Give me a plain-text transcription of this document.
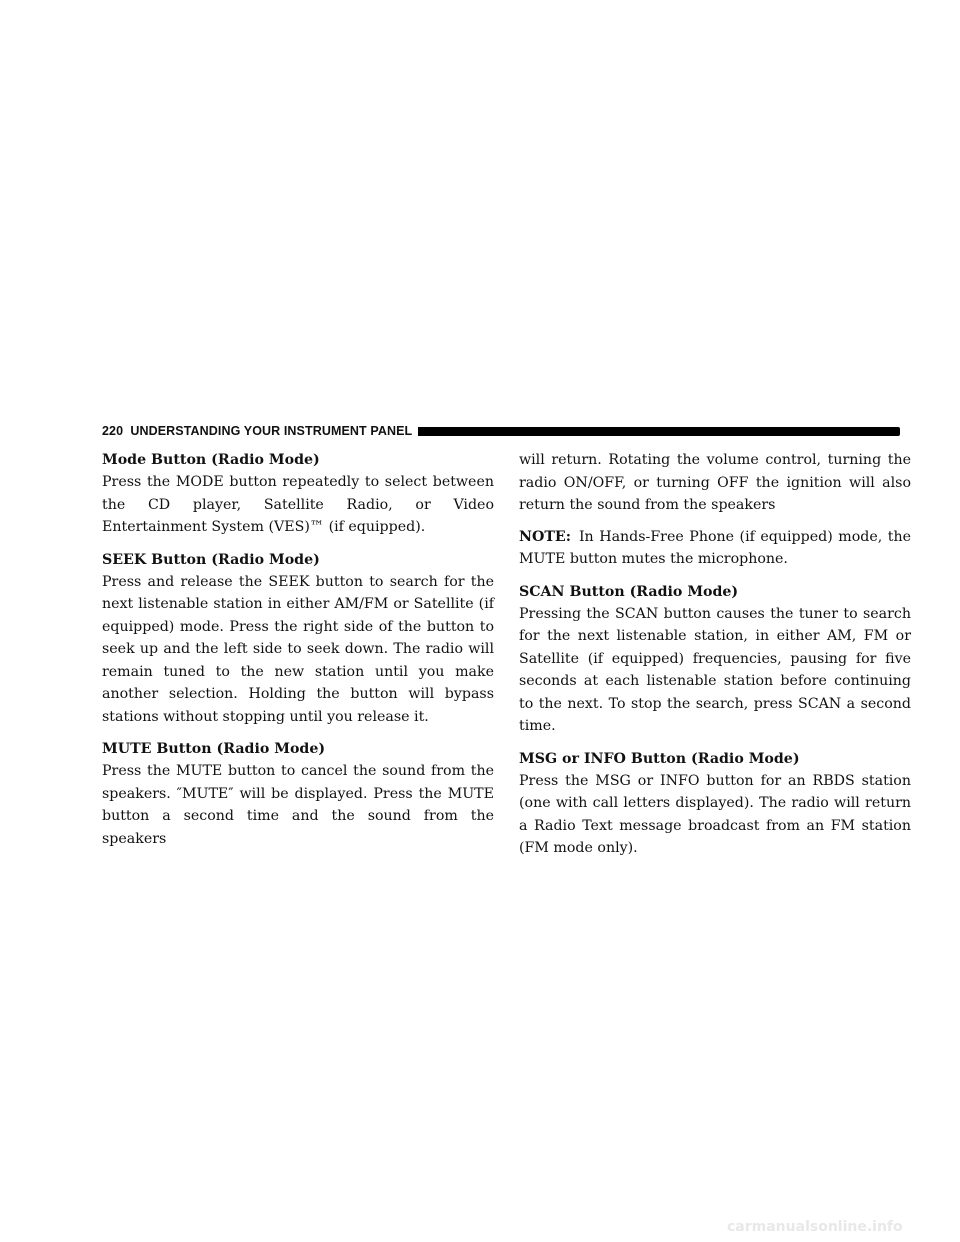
220 UNDERSTANDING YOUR INSTRUMENT PANEL
Mode Button (Radio Mode)

Press the MODE button repeatedly to select between the CD player, Satellite Radio, or Video Entertainment System (VES)™ (if equipped).

SEEK Button (Radio Mode)

Press and release the SEEK button to search for the next listenable station in either AM/FM or Satellite (if equipped) mode. Press the right side of the button to seek up and the left side to seek down. The radio will remain tuned to the new station until you make another selection. Holding the button will bypass stations without stopping until you release it.

MUTE Button (Radio Mode)

Press the MUTE button to cancel the sound from the speakers. ″MUTE″ will be displayed. Press the MUTE button a second time and the sound from the speakers

will return. Rotating the volume control, turning the radio ON/OFF, or turning OFF the ignition will also return the sound from the speakers

NOTE: In Hands-Free Phone (if equipped) mode, the MUTE button mutes the microphone.

SCAN Button (Radio Mode)

Pressing the SCAN button causes the tuner to search for the next listenable station, in either AM, FM or Satellite (if equipped) frequencies, pausing for five seconds at each listenable station before continuing to the next. To stop the search, press SCAN a second time.

MSG or INFO Button (Radio Mode)

Press the MSG or INFO button for an RBDS station (one with call letters displayed). The radio will return a Radio Text message broadcast from an FM station (FM mode only).

carmanualsonline.info
